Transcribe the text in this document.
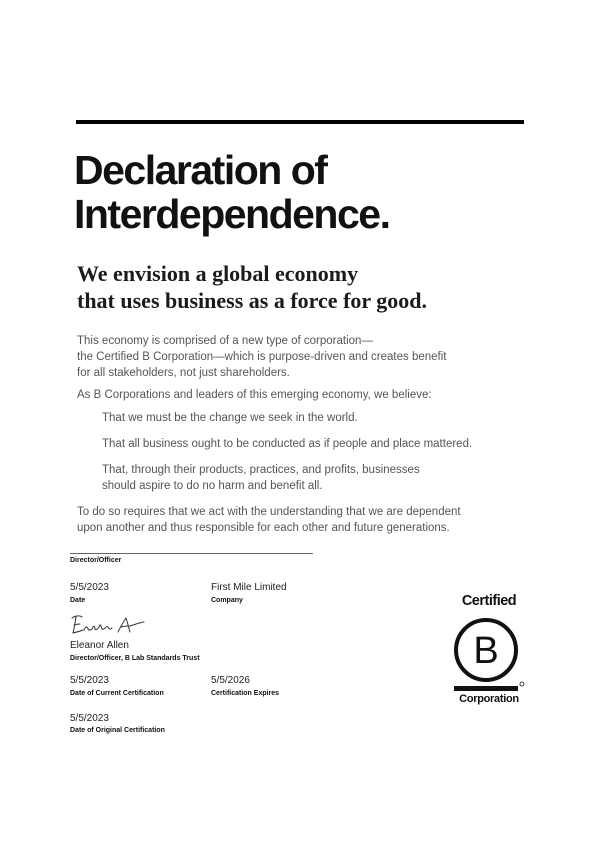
Declaration of
Interdependence.
We envision a global economy
that uses business as a force for good.

This economy is comprised of a new type of corporation—
the Certified B Corporation—which is purpose-driven and creates benefit
for all stakeholders, not just shareholders.

As B Corporations and leaders of this emerging economy, we believe:

That we must be the change we seek in the world.

That all business ought to be conducted as if people and place mattered.

That, through their products, practices, and profits, businesses
should aspire to do no harm and benefit all.

To do so requires that we act with the understanding that we are dependent
upon another and thus responsible for each other and future generations.

Director/Officer
5/5/2023
Date
First Mile Limited
Company
Eleanor Allen
Director/Officer, B Lab Standards Trust
5/5/2023
Date of Current Certification
5/5/2026
Certification Expires
5/5/2023
Date of Original Certification
Certified
B
Corporation
